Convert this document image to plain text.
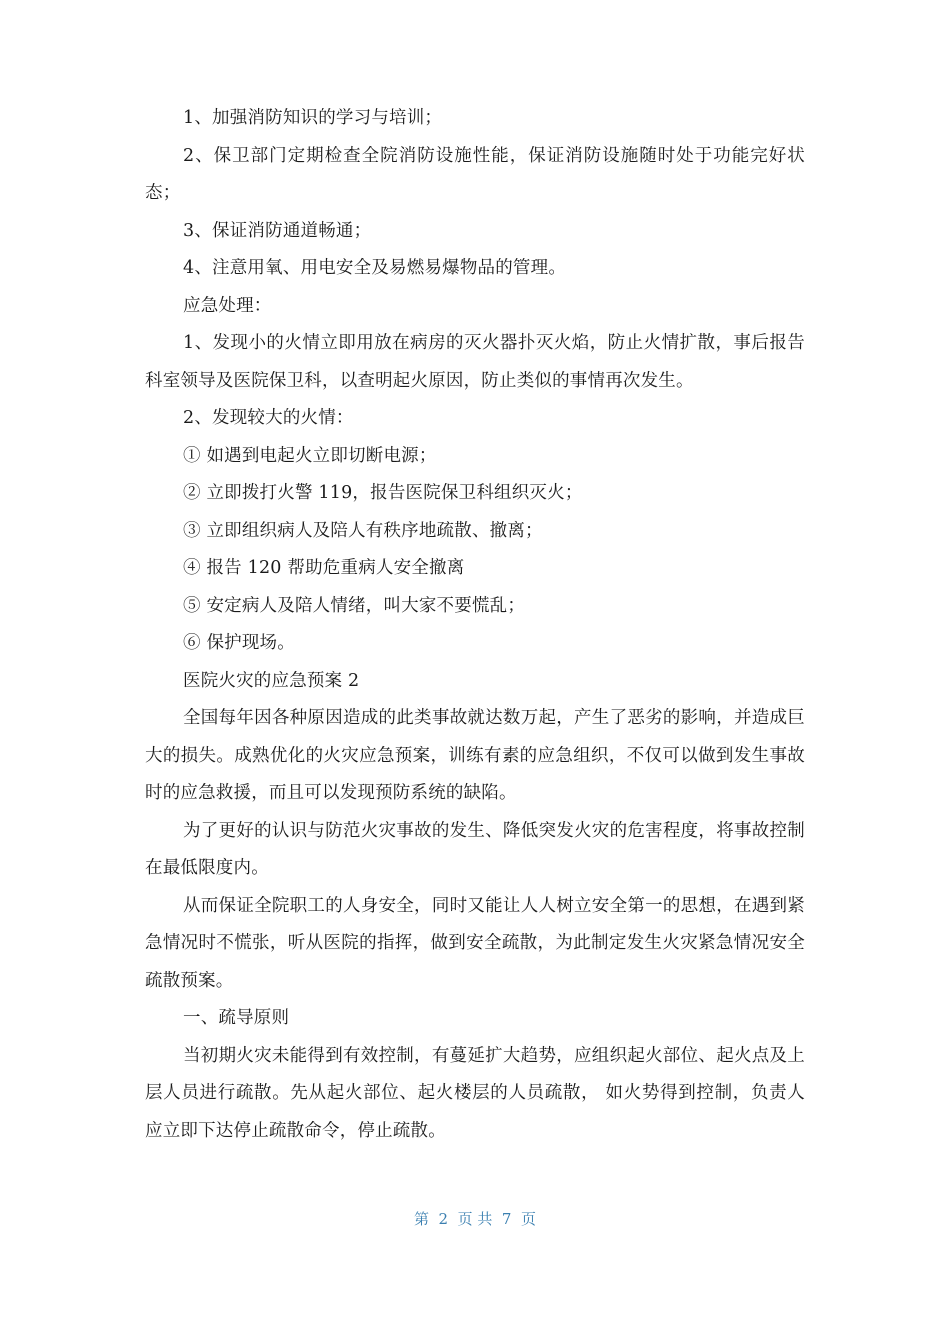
1、加强消防知识的学习与培训；

2、保卫部门定期检查全院消防设施性能，保证消防设施随时处于功能完好状态；

3、保证消防通道畅通；

4、注意用氧、用电安全及易燃易爆物品的管理。

应急处理：

1、发现小的火情立即用放在病房的灭火器扑灭火焰，防止火情扩散，事后报告科室领导及医院保卫科，以查明起火原因，防止类似的事情再次发生。

2、发现较大的火情：

① 如遇到电起火立即切断电源；

② 立即拨打火警 119，报告医院保卫科组织灭火；

③ 立即组织病人及陪人有秩序地疏散、撤离；

④ 报告 120 帮助危重病人安全撤离

⑤ 安定病人及陪人情绪，叫大家不要慌乱；

⑥ 保护现场。

医院火灾的应急预案 2

全国每年因各种原因造成的此类事故就达数万起，产生了恶劣的影响，并造成巨大的损失。成熟优化的火灾应急预案，训练有素的应急组织，不仅可以做到发生事故时的应急救援，而且可以发现预防系统的缺陷。

为了更好的认识与防范火灾事故的发生、降低突发火灾的危害程度，将事故控制在最低限度内。

从而保证全院职工的人身安全，同时又能让人人树立安全第一的思想，在遇到紧急情况时不慌张，听从医院的指挥，做到安全疏散，为此制定发生火灾紧急情况安全疏散预案。

一、疏导原则

当初期火灾未能得到有效控制，有蔓延扩大趋势，应组织起火部位、起火点及上层人员进行疏散。先从起火部位、起火楼层的人员疏散， 如火势得到控制，负责人应立即下达停止疏散命令，停止疏散。

第  2  页 共  7  页
